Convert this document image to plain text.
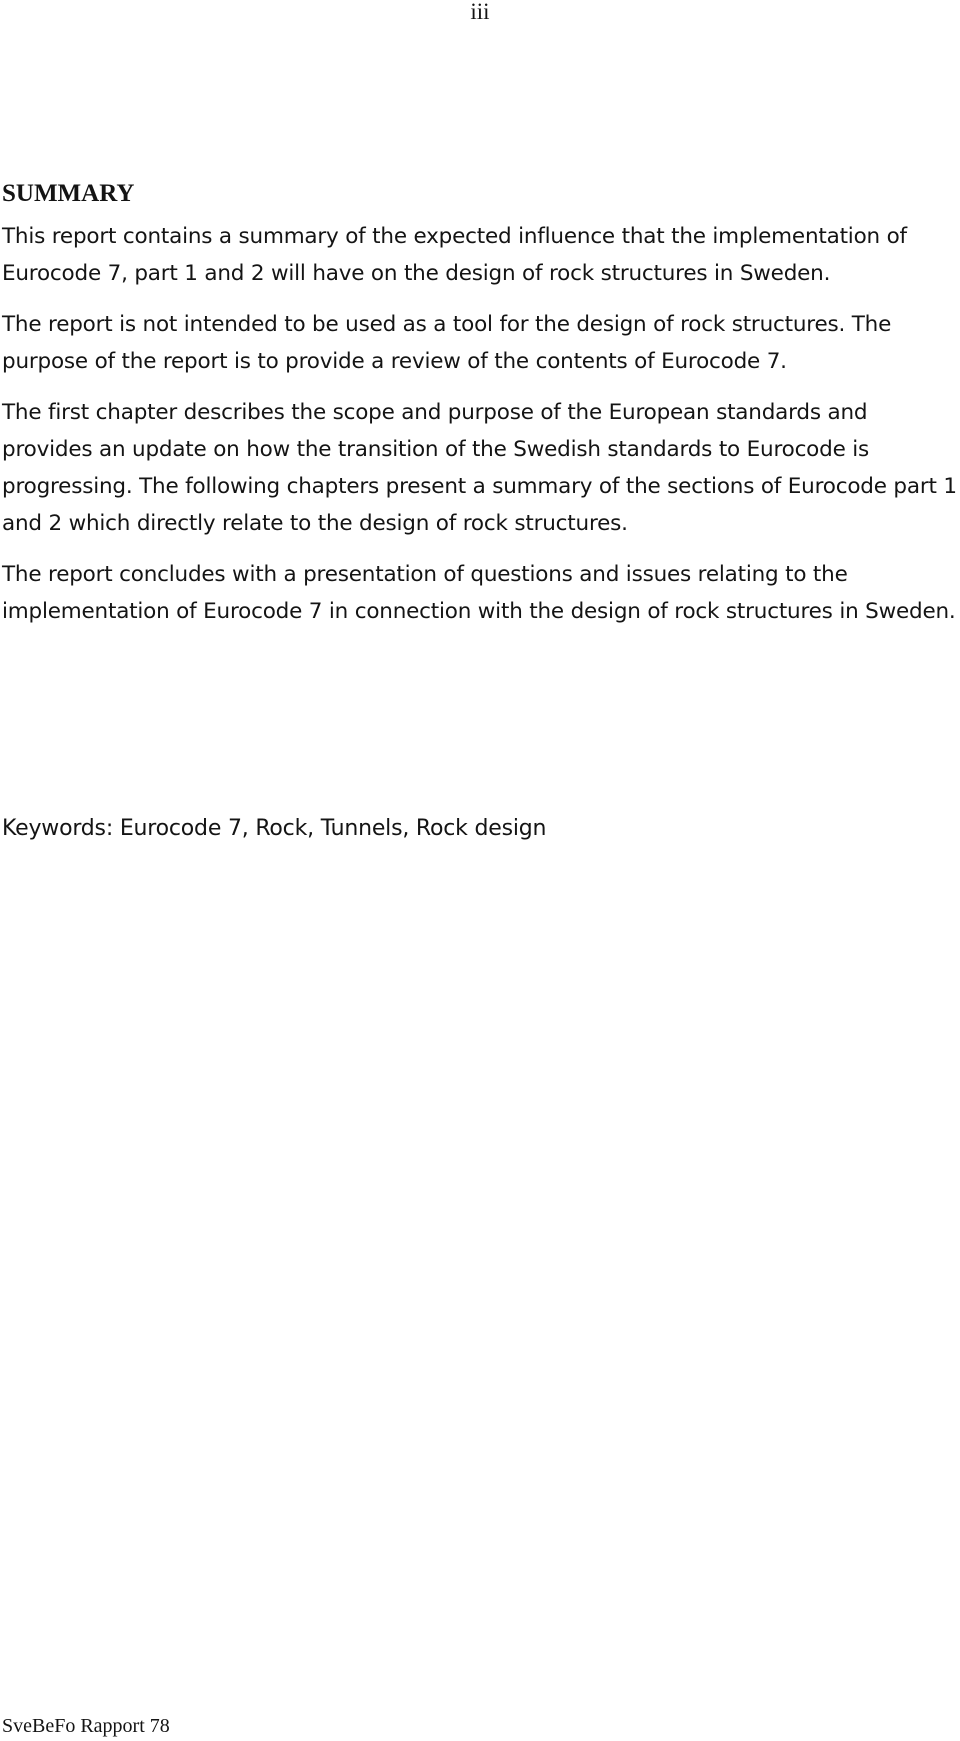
iii
SUMMARY

This report contains a summary of the expected influence that the implementation of Eurocode 7, part 1 and 2 will have on the design of rock structures in Sweden.

The report is not intended to be used as a tool for the design of rock structures. The purpose of the report is to provide a review of the contents of Eurocode 7.

The first chapter describes the scope and purpose of the European standards and provides an update on how the transition of the Swedish standards to Eurocode is progressing. The following chapters present a summary of the sections of Eurocode part 1 and 2 which directly relate to the design of rock structures.

The report concludes with a presentation of questions and issues relating to the implementation of Eurocode 7 in connection with the design of rock structures in Sweden.

Keywords: Eurocode 7, Rock, Tunnels, Rock design
SveBeFo Rapport 78
